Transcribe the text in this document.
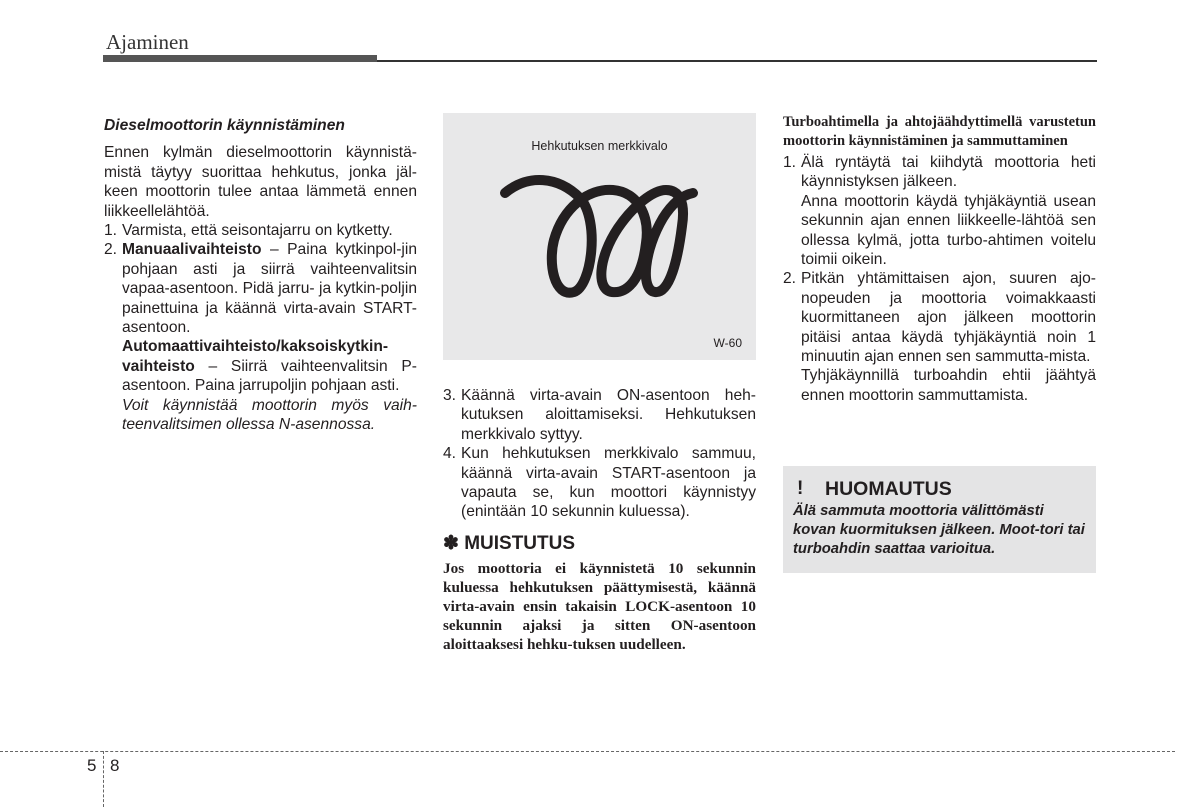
Ajaminen

Dieselmoottorin käynnistäminen

Ennen kylmän dieselmoottorin käynnistä-mistä täytyy suorittaa hehkutus, jonka jäl-keen moottorin tulee antaa lämmetä ennen liikkeellelähtöä.

1. Varmista, että seisontajarru on kytketty.

2. Manuaalivaihteisto – Paina kytkinpol-jin pohjaan asti ja siirrä vaihteenvalitsin vapaa-asentoon. Pidä jarru- ja kytkin-poljin painettuina ja käännä virta-avain START-asentoon.

Automaattivaihteisto/kaksoiskytkin-vaihteisto – Siirrä vaihteenvalitsin P-asentoon. Paina jarrupoljin pohjaan asti.

Voit käynnistää moottorin myös vaih-teenvalitsimen ollessa N-asennossa.

Hehkutuksen merkkivalo
W-60

3. Käännä virta-avain ON-asentoon heh-kutuksen aloittamiseksi. Hehkutuksen merkkivalo syttyy.

4. Kun hehkutuksen merkkivalo sammuu, käännä virta-avain START-asentoon ja vapauta se, kun moottori käynnistyy (enintään 10 sekunnin kuluessa).

✽ MUISTUTUS

Jos moottoria ei käynnistetä 10 sekunnin kuluessa hehkutuksen päättymisestä, käännä virta-avain ensin takaisin LOCK-asentoon 10 sekunnin ajaksi ja sitten ON-asentoon aloittaaksesi hehku-tuksen uudelleen.

Turboahtimella ja ahtojäähdyttimellä varustetun moottorin käynnistäminen ja sammuttaminen

1. Älä ryntäytä tai kiihdytä moottoria heti käynnistyksen jälkeen.

Anna moottorin käydä tyhjäkäyntiä usean sekunnin ajan ennen liikkeelle-lähtöä sen ollessa kylmä, jotta turbo-ahtimen voitelu toimii oikein.

2. Pitkän yhtämittaisen ajon, suuren ajo-nopeuden ja moottoria voimakkaasti kuormittaneen ajon jälkeen moottorin pitäisi antaa käydä tyhjäkäyntiä noin 1 minuutin ajan ennen sen sammutta-mista.

Tyhjäkäynnillä turboahdin ehtii jäähtyä ennen moottorin sammuttamista.

! HUOMAUTUS
Älä sammuta moottoria välittömästi kovan kuormituksen jälkeen. Moot-tori tai turboahdin saattaa varioitua.
5 8
